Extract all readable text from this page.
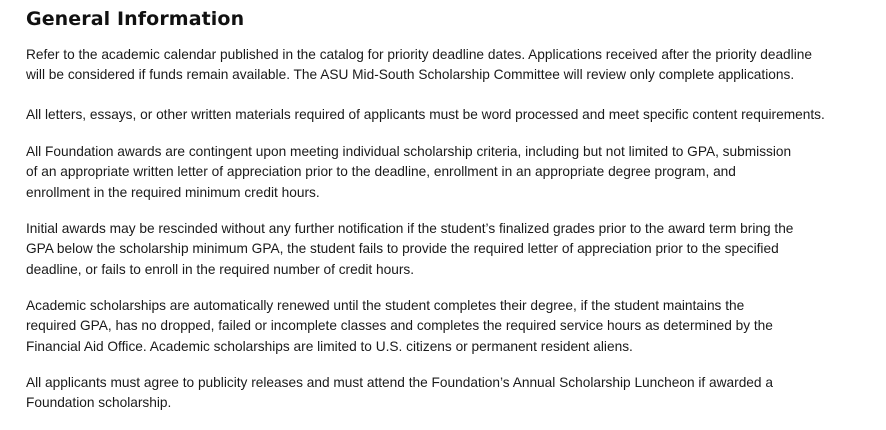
General Information

Refer to the academic calendar published in the catalog for priority deadline dates. Applications received after the priority deadline
will be considered if funds remain available. The ASU Mid-South Scholarship Committee will review only complete applications.

All letters, essays, or other written materials required of applicants must be word processed and meet specific content requirements.

All Foundation awards are contingent upon meeting individual scholarship criteria, including but not limited to GPA, submission
of an appropriate written letter of appreciation prior to the deadline, enrollment in an appropriate degree program, and
enrollment in the required minimum credit hours.

Initial awards may be rescinded without any further notification if the student’s finalized grades prior to the award term bring the
GPA below the scholarship minimum GPA, the student fails to provide the required letter of appreciation prior to the specified
deadline, or fails to enroll in the required number of credit hours.

Academic scholarships are automatically renewed until the student completes their degree, if the student maintains the
required GPA, has no dropped, failed or incomplete classes and completes the required service hours as determined by the
Financial Aid Office. Academic scholarships are limited to U.S. citizens or permanent resident aliens.

All applicants must agree to publicity releases and must attend the Foundation’s Annual Scholarship Luncheon if awarded a
Foundation scholarship.
